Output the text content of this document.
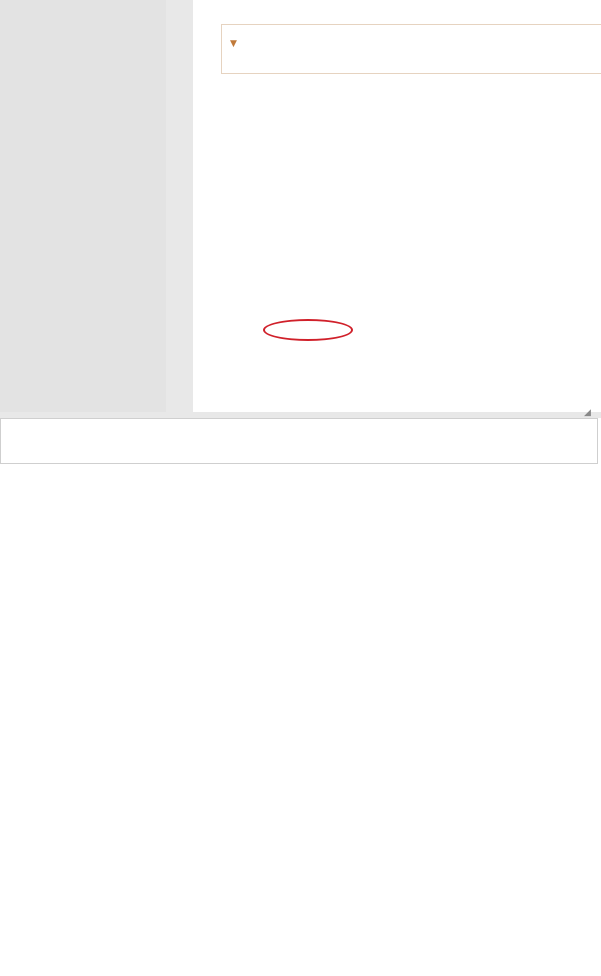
▼
◢
